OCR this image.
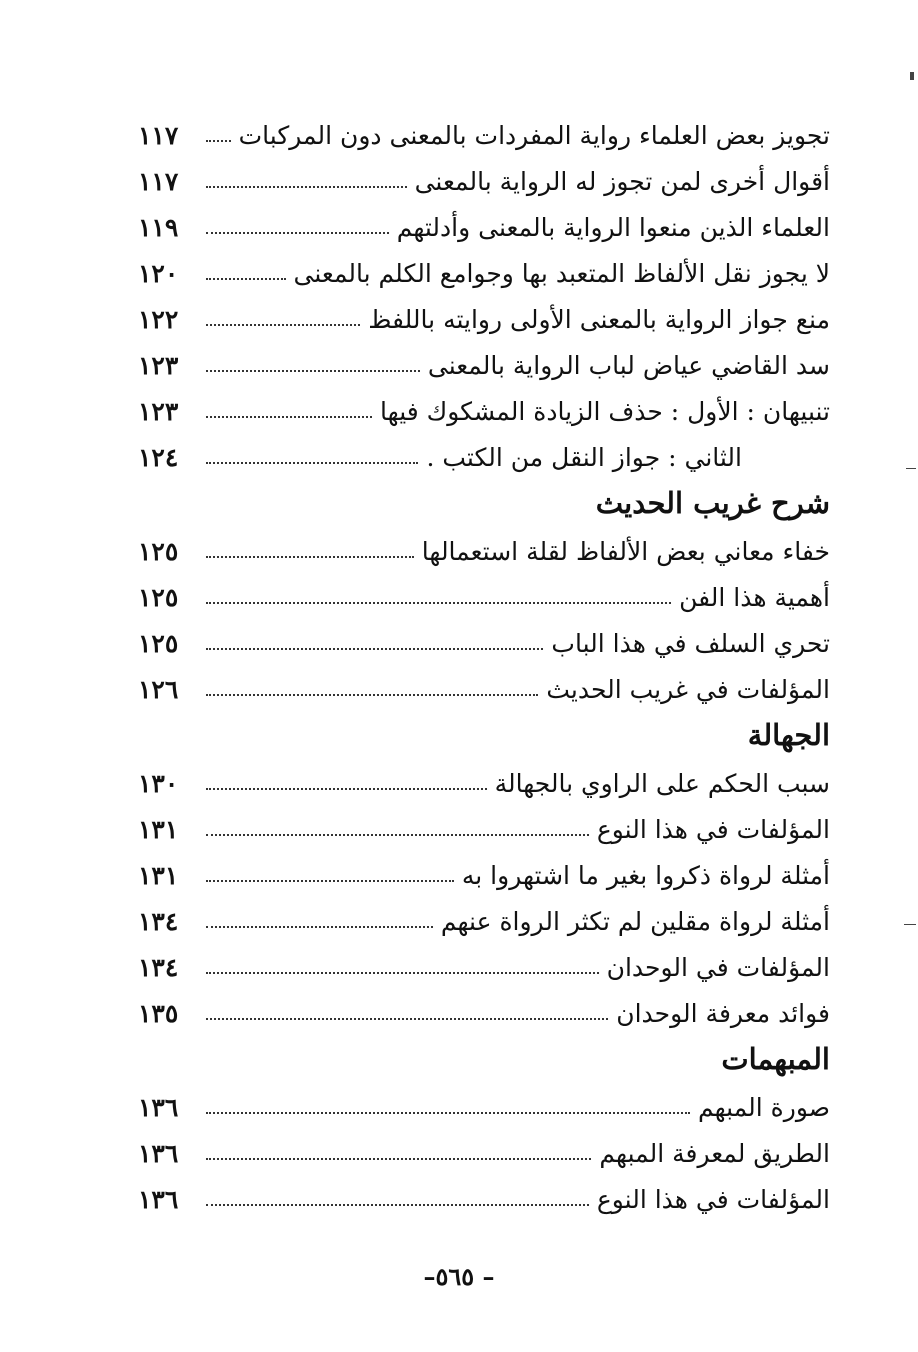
تجويز بعض العلماء رواية المفردات بالمعنى دون المركبات
١١٧
أقوال أخرى لمن تجوز له الرواية بالمعنى
١١٧
العلماء الذين منعوا الرواية بالمعنى وأدلتهم
١١٩
لا يجوز نقل الألفاظ المتعبد بها وجوامع الكلم بالمعنى
١٢٠
منع جواز الرواية بالمعنى الأولى روايته باللفظ
١٢٢
سد القاضي عياض لباب الرواية بالمعنى
١٢٣
تنبيهان : الأول : حذف الزيادة المشكوك فيها
١٢٣
الثاني : جواز النقل من الكتب .
١٢٤
شرح غريب الحديث
خفاء معاني بعض الألفاظ لقلة استعمالها
١٢٥
أهمية هذا الفن
١٢٥
تحري السلف في هذا الباب
١٢٥
المؤلفات في غريب الحديث
١٢٦
الجهالة
سبب الحكم على الراوي بالجهالة
١٣٠
المؤلفات في هذا النوع
١٣١
أمثلة لرواة ذكروا بغير ما اشتهروا به
١٣١
أمثلة لرواة مقلين لم تكثر الرواة عنهم
١٣٤
المؤلفات في الوحدان
١٣٤
فوائد معرفة الوحدان
١٣٥
المبهمات
صورة المبهم
١٣٦
الطريق لمعرفة المبهم
١٣٦
المؤلفات في هذا النوع
١٣٦
– ٥٦٥–
